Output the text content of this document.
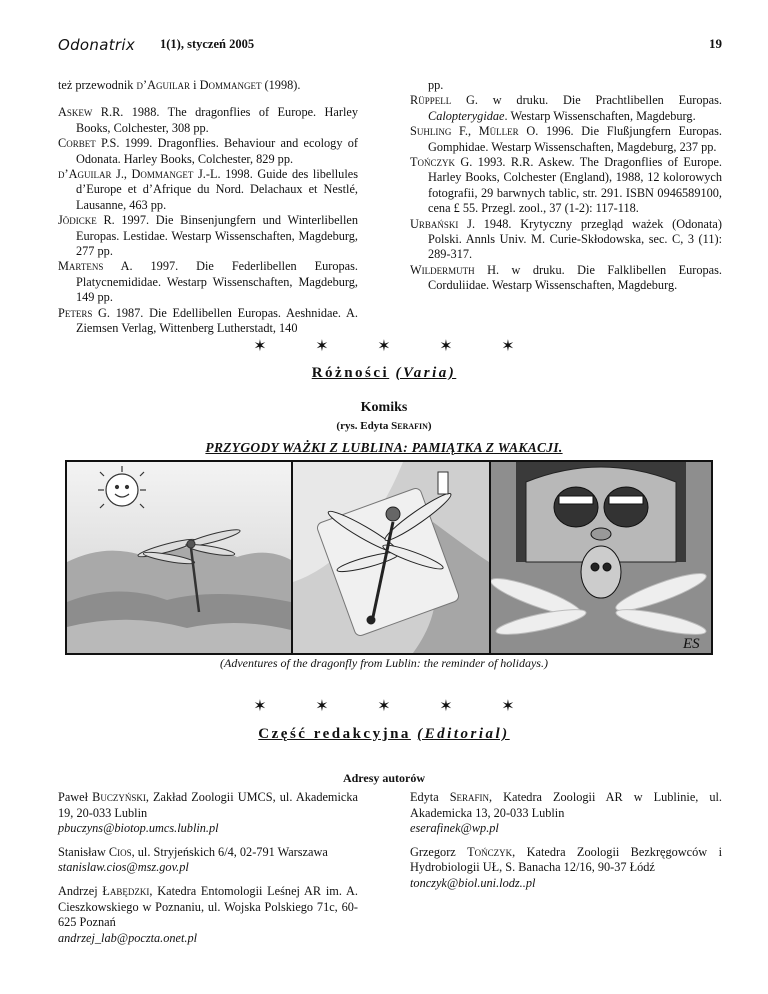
Odonatrix 1(1), styczeń 2005	19

też przewodnik d’Aguilar i Dommanget (1998).

Askew R.R. 1988. The dragonflies of Europe. Harley Books, Colchester, 308 pp.

Corbet P.S. 1999. Dragonflies. Behaviour and ecology of Odonata. Harley Books, Colchester, 829 pp.

d’Aguilar J., Dommanget J.-L. 1998. Guide des libellules d’Europe et d’Afrique du Nord. Delachaux et Nestlé, Lausanne, 463 pp.

Jödicke R. 1997. Die Binsenjungfern und Winterlibellen Europas. Lestidae. Westarp Wissenschaften, Magdeburg, 277 pp.

Martens A. 1997. Die Federlibellen Europas. Platycnemididae. Westarp Wissenschaften, Magdeburg, 149 pp.

Peters G. 1987. Die Edellibellen Europas. Aeshnidae. A. Ziemsen Verlag, Wittenberg Lutherstadt, 140

pp.

Rüppell G. w druku. Die Prachtlibellen Europas. Calopterygidae. Westarp Wissenschaften, Magdeburg.

Suhling F., Müller O. 1996. Die Flußjungfern Europas. Gomphidae. Westarp Wissenschaften, Magdeburg, 237 pp.

Tończyk G. 1993. R.R. Askew. The Dragonflies of Europe. Harley Books, Colchester (England), 1988, 12 kolorowych fotografii, 29 barwnych tablic, str. 291. ISBN 0946589100, cena £ 55. Przegl. zool., 37 (1-2): 117-118.

Urbański J. 1948. Krytyczny przegląd ważek (Odonata) Polski. Annls Univ. M. Curie-Skłodowska, sec. C, 3 (11): 289-317.

Wildermuth H. w druku. Die Falklibellen Europas. Corduliidae. Westarp Wissenschaften, Magdeburg.

✶	✶	✶	✶	✶
Różności (Varia)
Komiks
(rys. Edyta Serafin)
PRZYGODY WAŻKI Z LUBLINA: PAMIĄTKA Z WAKACJI.
ES
(Adventures of the dragonfly from Lublin: the reminder of holidays.)
✶	✶	✶	✶	✶
Część redakcyjna (Editorial)
Adresy autorów

Paweł Buczyński, Zakład Zoologii UMCS, ul. Akademicka 19, 20-033 Lublin
pbuczyns@biotop.umcs.lublin.pl

Stanisław Cios, ul. Stryjeńskich 6/4, 02-791 Warszawa
stanislaw.cios@msz.gov.pl

Andrzej Łabędzki, Katedra Entomologii Leśnej AR im. A. Cieszkowskiego w Poznaniu, ul. Wojska Polskiego 71c, 60-625 Poznań
andrzej_lab@poczta.onet.pl

Edyta Serafin, Katedra Zoologii AR w Lublinie, ul. Akademicka 13, 20-033 Lublin
eserafinek@wp.pl

Grzegorz Tończyk, Katedra Zoologii Bezkręgowców i Hydrobiologii UŁ, S. Banacha 12/16, 90-37 Łódź
tonczyk@biol.uni.lodz..pl
